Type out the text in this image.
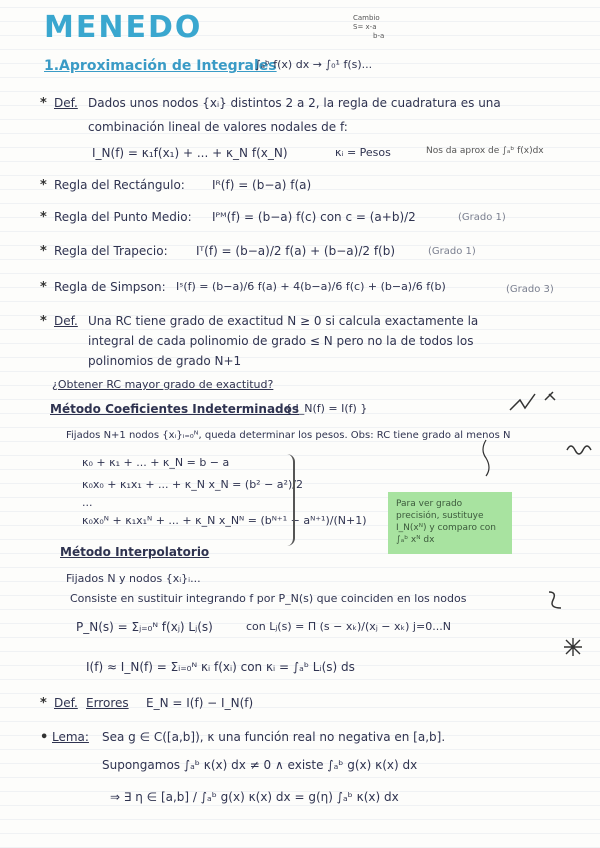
MENEDO	Cambio
S= x-a
b-a
1.Aproximación de Integrales
∫ₐᵇ f(x) dx → ∫₀¹ f(s)...
* Def. Dados unos nodos {xᵢ} distintos 2 a 2, la regla de cuadratura es una
combinación lineal de valores nodales de f:
I_N(f) = κ₁f(x₁) + ... + κ_N f(x_N)	κᵢ = Pesos	Nos da aprox de ∫ₐᵇ f(x)dx
* Regla del Rectángulo: Iᴿ(f) = (b−a) f(a)
* Regla del Punto Medio: Iᴾᴹ(f) = (b−a) f(c) con c = (a+b)/2	(Grado 1)
* Regla del Trapecio: Iᵀ(f) = (b−a)/2 f(a) + (b−a)/2 f(b)	(Grado 1)
* Regla de Simpson: Iˢ(f) = (b−a)/6 f(a) + 4(b−a)/6 f(c) + (b−a)/6 f(b)	(Grado 3)
* Def. Una RC tiene grado de exactitud N ≥ 0 si calcula exactamente la
integral de cada polinomio de grado ≤ N pero no la de todos los
polinomios de grado N+1
¿Obtener RC mayor grado de exactitud?
Método Coeficientes Indeterminados
{ I_N(f) = I(f) }
Fijados N+1 nodos {xᵢ}ᵢ₌₀ᴺ, queda determinar los pesos. Obs: RC tiene grado al menos N
κ₀ + κ₁ + ... + κ_N = b − a
κ₀x₀ + κ₁x₁ + ... + κ_N x_N = (b² − a²)/2
...
κ₀x₀ᴺ + κ₁x₁ᴺ + ... + κ_N x_Nᴺ = (bᴺ⁺¹ − aᴺ⁺¹)/(N+1)
Para ver grado precisión, sustituye I_N(xᴺ) y comparo con ∫ₐᵇ xᴺ dx
Método Interpolatorio
Fijados N y nodos {xᵢ}ᵢ...
Consiste en sustituir integrando f por P_N(s) que coinciden en los nodos
P_N(s) = Σⱼ₌₀ᴺ f(xⱼ) Lⱼ(s)	con Lⱼ(s) = Π (s − xₖ)/(xⱼ − xₖ) j=0...N
I(f) ≈ I_N(f) = Σᵢ₌₀ᴺ κᵢ f(xᵢ) con κᵢ = ∫ₐᵇ Lᵢ(s) ds
* Def. Errores E_N = I(f) − I_N(f)
• Lema: Sea g ∈ C([a,b]), κ una función real no negativa en [a,b].
Supongamos ∫ₐᵇ κ(x) dx ≠ 0 ∧ existe ∫ₐᵇ g(x) κ(x) dx
⇒ ∃ η ∈ [a,b] / ∫ₐᵇ g(x) κ(x) dx = g(η) ∫ₐᵇ κ(x) dx
